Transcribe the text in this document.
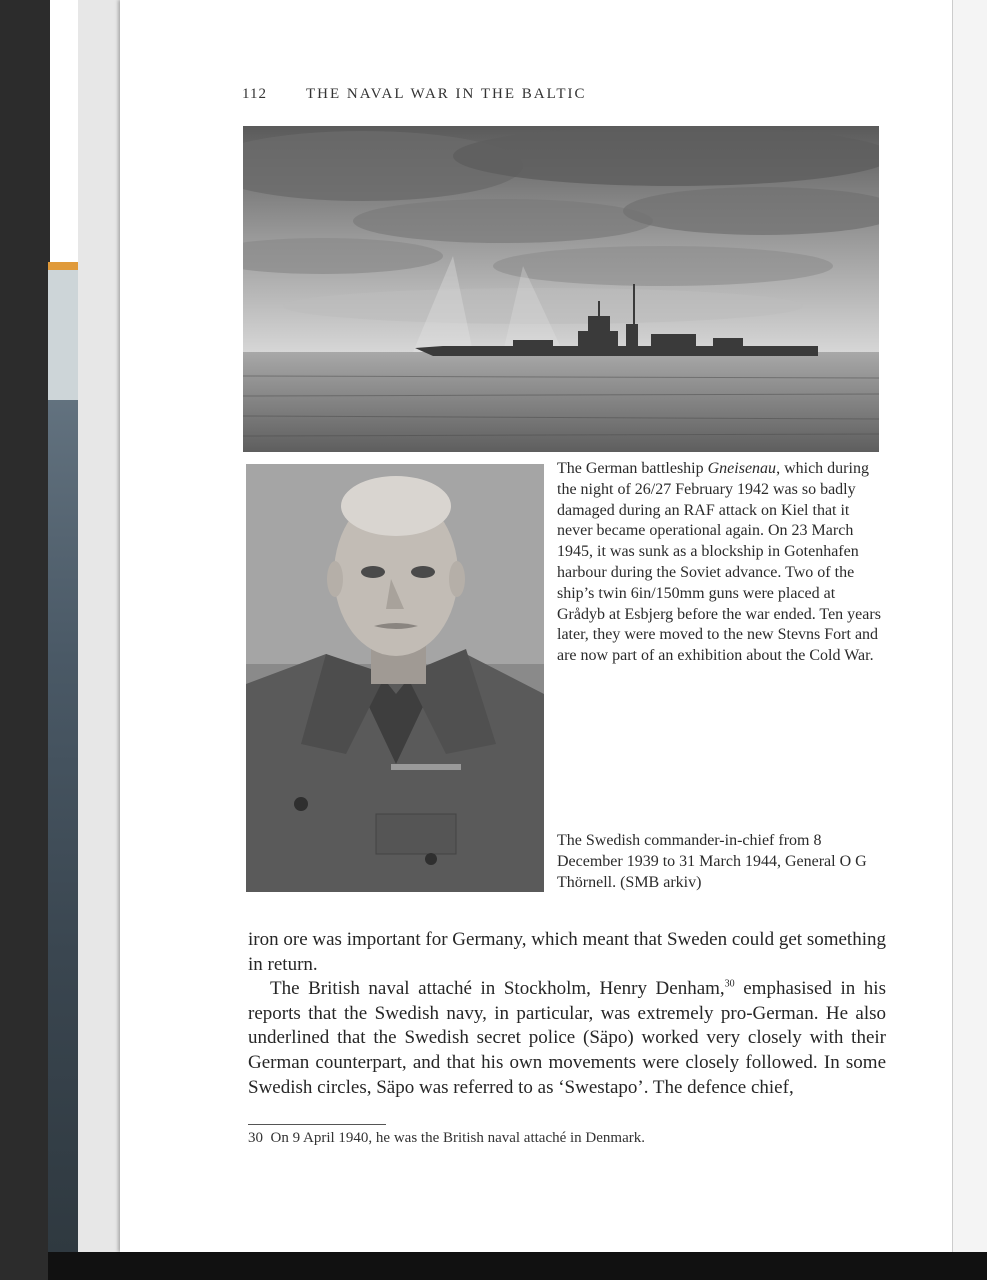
112	THE NAVAL WAR IN THE BALTIC
The German battleship Gneisenau, which during the night of 26/27 February 1942 was so badly damaged during an RAF attack on Kiel that it never became operational again. On 23 March 1945, it was sunk as a blockship in Gotenhafen harbour during the Soviet advance. Two of the ship’s twin 6in/150mm guns were placed at Grådyb at Esbjerg before the war ended. Ten years later, they were moved to the new Stevns Fort and are now part of an exhibition about the Cold War.
The Swedish commander-in-chief from 8 December 1939 to 31 March 1944, General O G Thörnell. (SMB arkiv)

iron ore was important for Germany, which meant that Sweden could get something in return.

The British naval attaché in Stockholm, Henry Denham,$^{30}$ emphasised in his reports that the Swedish navy, in particular, was extremely pro-German. He also underlined that the Swedish secret police (Säpo) worked very closely with their German counterpart, and that his own movements were closely followed. In some Swedish circles, Säpo was referred to as ‘Swestapo’. The defence chief,

30 On 9 April 1940, he was the British naval attaché in Denmark.
